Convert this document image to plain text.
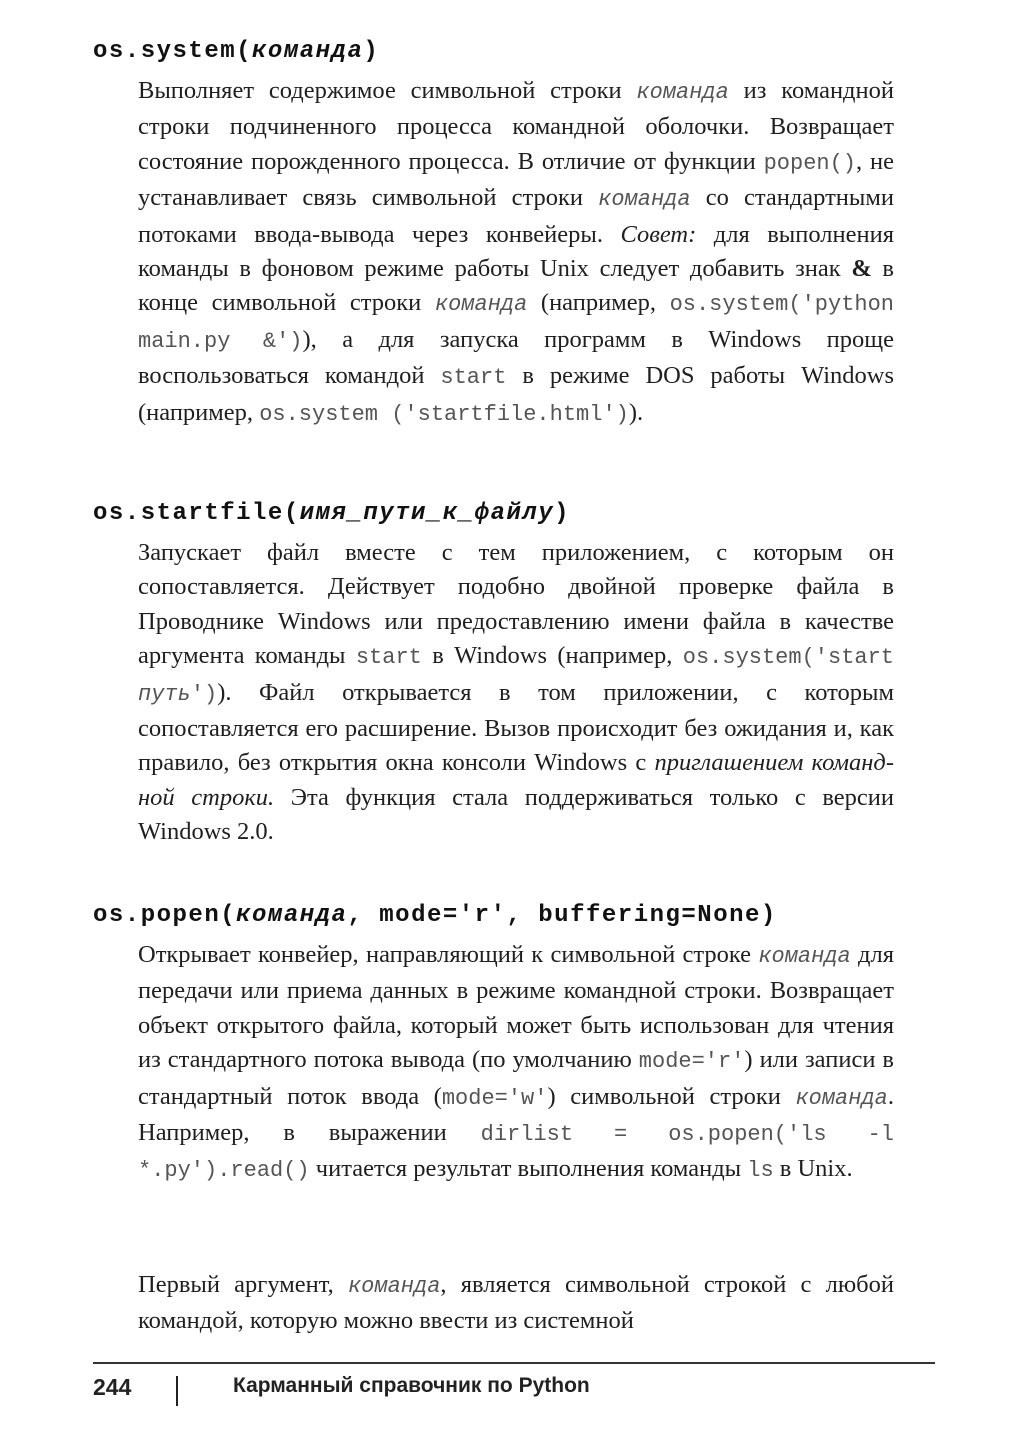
os.system(команда)
Выполняет содержимое символьной строки команда из командной строки подчиненного процесса командной оболочки. Возвращает состояние порожденного процесса. В отличие от функции popen(), не устанавливает связь символьной строки команда со стандартными потоками ввода-вывода через конвейеры. Совет: для выполнения команды в фоновом режиме работы Unix следует добавить знак & в конце символьной строки команда (например, os.system('python main.py &')), а для запуска программ в Windows проще воспользоваться командой start в режиме DOS работы Windows (например, os.system ('startfile.html')).
os.startfile(имя_пути_к_файлу)
Запускает файл вместе с тем приложением, с которым он сопоставляется. Действует подобно двойной проверке файла в Проводнике Windows или предоставлению имени файла в качестве аргумента команды start в Windows (например, os.system('start путь')). Файл открывается в том приложении, с которым сопоставляется его расширение. Вызов происходит без ожидания и, как правило, без открытия окна консоли Windows с приглашением командной строки. Эта функция стала поддерживаться только с версии Windows 2.0.
os.popen(команда, mode='r', buffering=None)
Открывает конвейер, направляющий к символьной строке команда для передачи или приема данных в режиме командной строки. Возвращает объект открытого файла, который может быть использован для чтения из стандартного потока вывода (по умолчанию mode='r') или записи в стандартный поток ввода (mode='w') символьной строки команда. Например, в выражении dirlist = os.popen('ls -l *.py').read() читается результат выполнения команды ls в Unix.
Первый аргумент, команда, является символьной строкой с любой командой, которую можно ввести из системной
244	Карманный справочник по Python
